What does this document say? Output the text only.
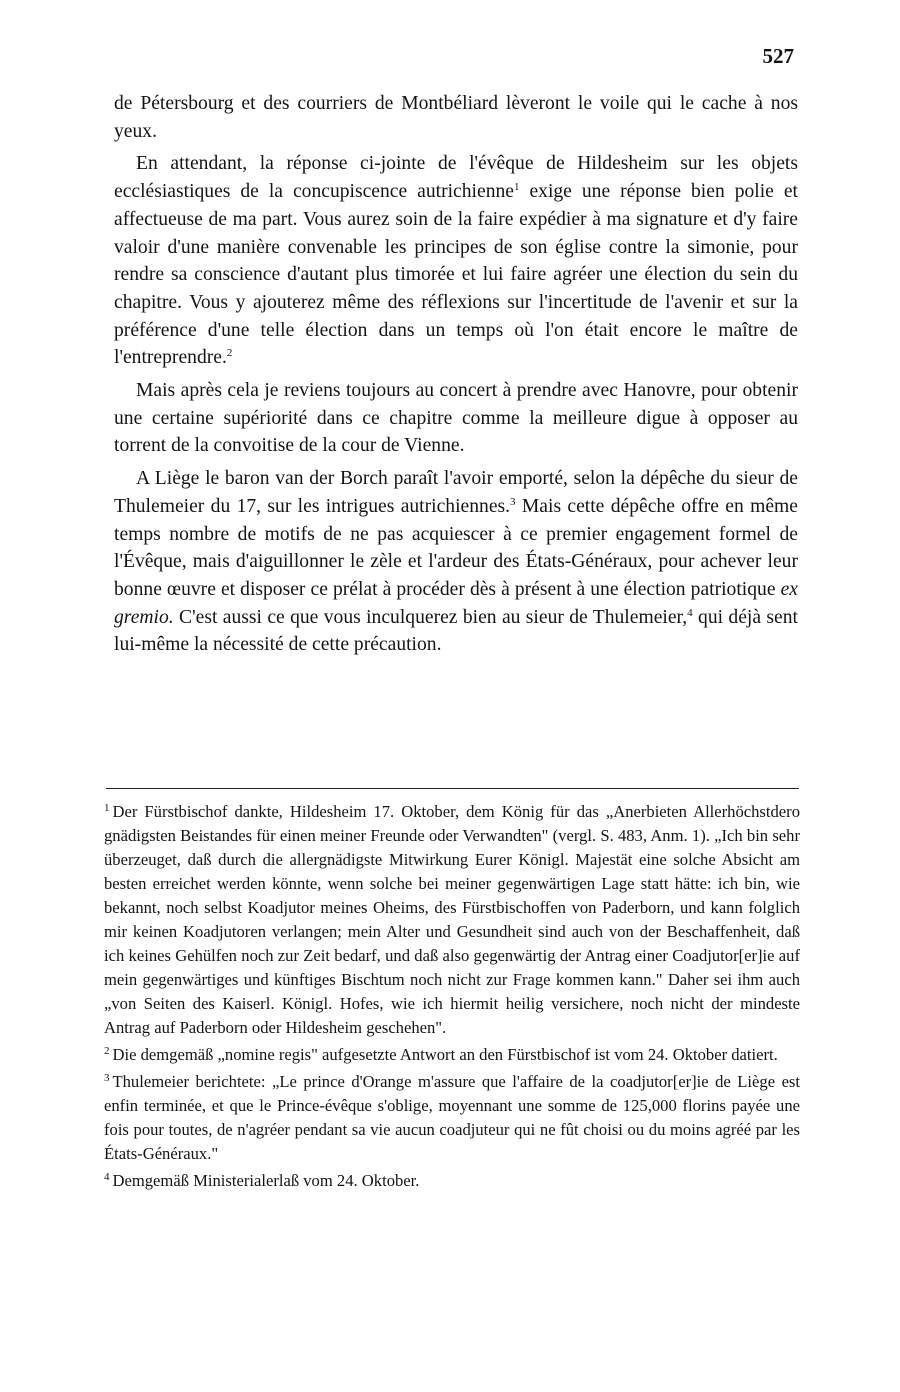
527

de Pétersbourg et des courriers de Montbéliard lèveront le voile qui le cache à nos yeux.

En attendant, la réponse ci-jointe de l'évêque de Hildesheim sur les objets ecclésiastiques de la concupiscence autrichienne$^1$ exige une réponse bien polie et affectueuse de ma part. Vous aurez soin de la faire expédier à ma signature et d'y faire valoir d'une manière convenable les principes de son église contre la simonie, pour rendre sa conscience d'autant plus timorée et lui faire agréer une élection du sein du chapitre. Vous y ajouterez même des réflexions sur l'incertitude de l'avenir et sur la préférence d'une telle élection dans un temps où l'on était encore le maître de l'entreprendre.$^2$

Mais après cela je reviens toujours au concert à prendre avec Hanovre, pour obtenir une certaine supériorité dans ce chapitre comme la meilleure digue à opposer au torrent de la convoitise de la cour de Vienne.

A Liège le baron van der Borch paraît l'avoir emporté, selon la dépêche du sieur de Thulemeier du 17, sur les intrigues autrichiennes.$^3$ Mais cette dépêche offre en même temps nombre de motifs de ne pas acquiescer à ce premier engagement formel de l'Évêque, mais d'aiguillonner le zèle et l'ardeur des États-Généraux, pour achever leur bonne œuvre et disposer ce prélat à procéder dès à présent à une élection patriotique ex gremio. C'est aussi ce que vous inculquerez bien au sieur de Thulemeier,$^4$ qui déjà sent lui-même la nécessité de cette précaution.

$^1$ Der Fürstbischof dankte, Hildesheim 17. Oktober, dem König für das „Anerbieten Allerhöchstdero gnädigsten Beistandes für einen meiner Freunde oder Verwandten" (vergl. S. 483, Anm. 1). „Ich bin sehr überzeuget, daß durch die allergnädigste Mitwirkung Eurer Königl. Majestät eine solche Absicht am besten erreichet werden könnte, wenn solche bei meiner gegenwärtigen Lage statt hätte: ich bin, wie bekannt, noch selbst Koadjutor meines Oheims, des Fürstbischoffen von Paderborn, und kann folglich mir keinen Koadjutoren verlangen; mein Alter und Gesundheit sind auch von der Beschaffenheit, daß ich keines Gehülfen noch zur Zeit bedarf, und daß also gegenwärtig der Antrag einer Coadjutor[er]ie auf mein gegenwärtiges und künftiges Bischtum noch nicht zur Frage kommen kann." Daher sei ihm auch „von Seiten des Kaiserl. Königl. Hofes, wie ich hiermit heilig versichere, noch nicht der mindeste Antrag auf Paderborn oder Hildesheim geschehen".

$^2$ Die demgemäß „nomine regis" aufgesetzte Antwort an den Fürstbischof ist vom 24. Oktober datiert.

$^3$ Thulemeier berichtete: „Le prince d'Orange m'assure que l'affaire de la coadjutor[er]ie de Liège est enfin terminée, et que le Prince-évêque s'oblige, moyennant une somme de 125,000 florins payée une fois pour toutes, de n'agréer pendant sa vie aucun coadjuteur qui ne fût choisi ou du moins agréé par les États-Généraux."

$^4$ Demgemäß Ministerialerlaß vom 24. Oktober.
